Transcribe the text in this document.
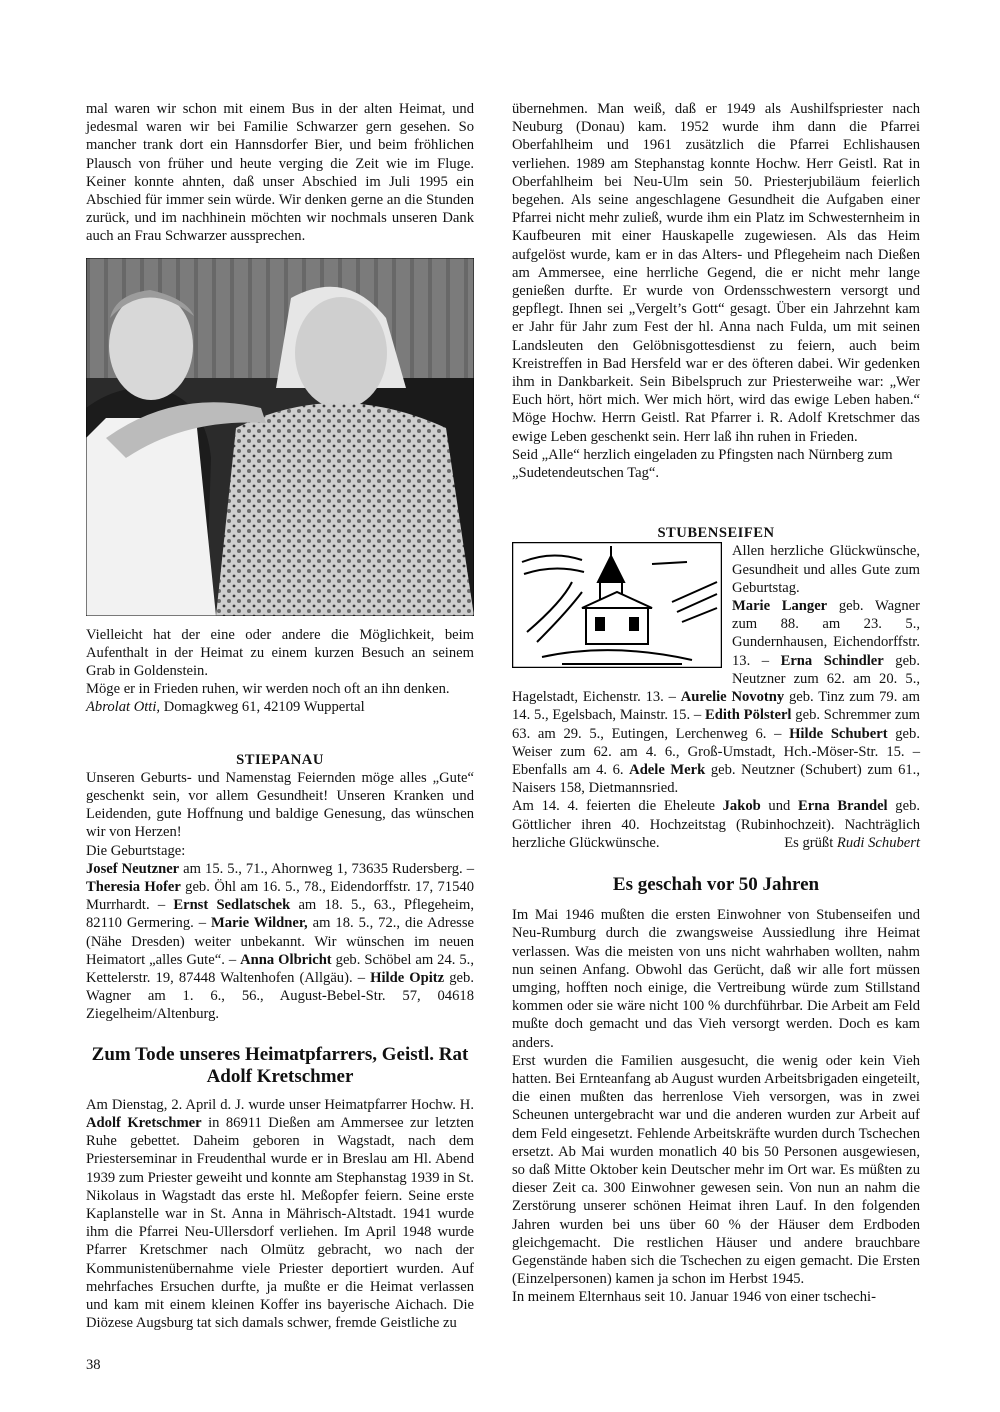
mal waren wir schon mit einem Bus in der alten Heimat, und jedesmal waren wir bei Familie Schwarzer gern gesehen. So mancher trank dort ein Hannsdorfer Bier, und beim fröhlichen Plausch von früher und heute verging die Zeit wie im Fluge. Keiner konnte ahnten, daß unser Abschied im Juli 1995 ein Abschied für immer sein würde. Wir denken gerne an die Stunden zurück, und im nachhinein möchten wir nochmals unseren Dank auch an Frau Schwarzer aussprechen.

Vielleicht hat der eine oder andere die Möglichkeit, beim Aufenthalt in der Heimat zu einem kurzen Besuch an seinem Grab in Goldenstein.

Möge er in Frieden ruhen, wir werden noch oft an ihn denken.

Abrolat Otti, Domagkweg 61, 42109 Wuppertal

STIEPANAU

Unseren Geburts- und Namenstag Feiernden möge alles „Gute“ geschenkt sein, vor allem Gesundheit! Unseren Kranken und Leidenden, gute Hoffnung und baldige Genesung, das wünschen wir von Herzen!

Die Geburtstage:

Josef Neutzner am 15. 5., 71., Ahornweg 1, 73635 Rudersberg. – Theresia Hofer geb. Öhl am 16. 5., 78., Eidendorffstr. 17, 71540 Murrhardt. – Ernst Sedlatschek am 18. 5., 63., Pflegeheim, 82110 Germering. – Marie Wildner, am 18. 5., 72., die Adresse (Nähe Dresden) weiter unbekannt. Wir wünschen im neuen Heimatort „alles Gute“. – Anna Olbricht geb. Schöbel am 24. 5., Kettelerstr. 19, 87448 Waltenhofen (Allgäu). – Hilde Opitz geb. Wagner am 1. 6., 56., August-Bebel-Str. 57, 04618 Ziegelheim/Altenburg.

Zum Tode unseres Heimatpfarrers, Geistl. Rat Adolf Kretschmer

Am Dienstag, 2. April d. J. wurde unser Heimatpfarrer Hochw. H. Adolf Kretschmer in 86911 Dießen am Ammersee zur letzten Ruhe gebettet. Daheim geboren in Wagstadt, nach dem Priesterseminar in Freudenthal wurde er in Breslau am Hl. Abend 1939 zum Priester geweiht und konnte am Stephanstag 1939 in St. Nikolaus in Wagstadt das erste hl. Meßopfer feiern. Seine erste Kaplanstelle war in St. Anna in Mährisch-Altstadt. 1941 wurde ihm die Pfarrei Neu-Ullersdorf verliehen. Im April 1948 wurde Pfarrer Kretschmer nach Olmütz gebracht, wo nach der Kommunistenübernahme viele Priester deportiert wurden. Auf mehrfaches Ersuchen durfte, ja mußte er die Heimat verlassen und kam mit einem kleinen Koffer ins bayerische Aichach. Die Diözese Augsburg tat sich damals schwer, fremde Geistliche zu

übernehmen. Man weiß, daß er 1949 als Aushilfspriester nach Neuburg (Donau) kam. 1952 wurde ihm dann die Pfarrei Oberfahlheim und 1961 zusätzlich die Pfarrei Echlishausen verliehen. 1989 am Stephanstag konnte Hochw. Herr Geistl. Rat in Oberfahlheim bei Neu-Ulm sein 50. Priesterjubiläum feierlich begehen. Als seine angeschlagene Gesundheit die Aufgaben einer Pfarrei nicht mehr zuließ, wurde ihm ein Platz im Schwesternheim in Kaufbeuren mit einer Hauskapelle zugewiesen. Als das Heim aufgelöst wurde, kam er in das Alters- und Pflegeheim nach Dießen am Ammersee, eine herrliche Gegend, die er nicht mehr lange genießen durfte. Er wurde von Ordensschwestern versorgt und gepflegt. Ihnen sei „Vergelt’s Gott“ gesagt. Über ein Jahrzehnt kam er Jahr für Jahr zum Fest der hl. Anna nach Fulda, um mit seinen Landsleuten den Gelöbnisgottesdienst zu feiern, auch beim Kreistreffen in Bad Hersfeld war er des öfteren dabei. Wir gedenken ihm in Dankbarkeit. Sein Bibelspruch zur Priesterweihe war: „Wer Euch hört, hört mich. Wer mich hört, wird das ewige Leben haben.“ Möge Hochw. Herrn Geistl. Rat Pfarrer i. R. Adolf Kretschmer das ewige Leben geschenkt sein. Herr laß ihn ruhen in Frieden.

Seid „Alle“ herzlich eingeladen zu Pfingsten nach Nürnberg zum „Sudetendeutschen Tag“.

STUBENSEIFEN

Allen herzliche Glückwünsche, Gesundheit und alles Gute zum Geburtstag.

Marie Langer geb. Wagner zum 88. am 23. 5., Gundernhausen, Eichendorffstr. 13. – Erna Schindler geb. Neutzner zum 62. am 20. 5., Hagelstadt, Eichenstr. 13. – Aurelie Novotny geb. Tinz zum 79. am 14. 5., Egelsbach, Mainstr. 15. – Edith Pölsterl geb. Schremmer zum 63. am 29. 5., Eutingen, Lerchenweg 6. – Hilde Schubert geb. Weiser zum 62. am 4. 6., Groß-Umstadt, Hch.-Möser-Str. 15. – Ebenfalls am 4. 6. Adele Merk geb. Neutzner (Schubert) zum 61., Naisers 158, Dietmannsried.

Am 14. 4. feierten die Eheleute Jakob und Erna Brandel geb. Göttlicher ihren 40. Hochzeitstag (Rubinhochzeit). Nachträglich herzliche Glückwünsche.	Es grüßt Rudi Schubert

Es geschah vor 50 Jahren

Im Mai 1946 mußten die ersten Einwohner von Stubenseifen und Neu-Rumburg durch die zwangsweise Aussiedlung ihre Heimat verlassen. Was die meisten von uns nicht wahrhaben wollten, nahm nun seinen Anfang. Obwohl das Gerücht, daß wir alle fort müssen umging, hofften noch einige, die Vertreibung würde zum Stillstand kommen oder sie wäre nicht 100 % durchführbar. Die Arbeit am Feld mußte doch gemacht und das Vieh versorgt werden. Doch es kam anders.

Erst wurden die Familien ausgesucht, die wenig oder kein Vieh hatten. Bei Ernteanfang ab August wurden Arbeitsbrigaden eingeteilt, die einen mußten das herrenlose Vieh versorgen, was in zwei Scheunen untergebracht war und die anderen wurden zur Arbeit auf dem Feld eingesetzt. Fehlende Arbeitskräfte wurden durch Tschechen ersetzt. Ab Mai wurden monatlich 40 bis 50 Personen ausgewiesen, so daß Mitte Oktober kein Deutscher mehr im Ort war. Es müßten zu dieser Zeit ca. 300 Einwohner gewesen sein. Von nun an nahm die Zerstörung unserer schönen Heimat ihren Lauf. In den folgenden Jahren wurden bei uns über 60 % der Häuser dem Erdboden gleichgemacht. Die restlichen Häuser und andere brauchbare Gegenstände haben sich die Tschechen zu eigen gemacht. Die Ersten (Einzelpersonen) kamen ja schon im Herbst 1945.

In meinem Elternhaus seit 10. Januar 1946 von einer tschechi-

38
